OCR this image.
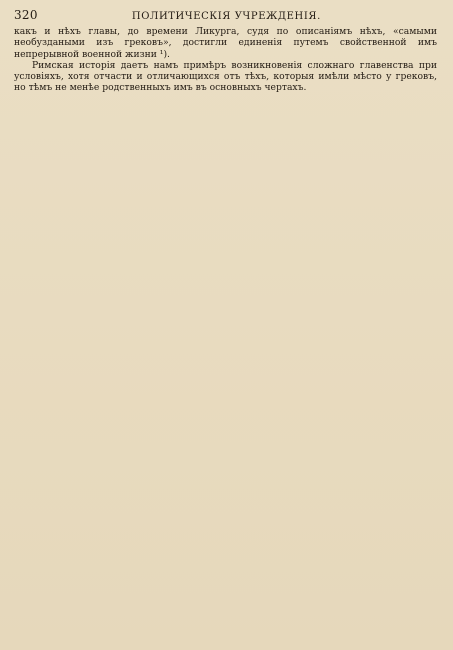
320	ПОЛИТИЧЕСКІЯ УЧРЕЖДЕНІЯ.

какъ и нѣхъ главы, до времени Ликурга, судя по описаніямъ нѣхъ, «самыми необуздаными изъ грековъ», достигли единенія путемъ свойственной имъ непрерывной военной жизни ¹).

Римская исторія даетъ намъ примѣръ возникновенія сложнаго главенства при условіяхъ, хотя отчасти и отличающихся отъ тѣхъ, которыя имѣли мѣсто у грековъ, но тѣмъ не менѣе родственныхъ имъ въ основныхъ чертахъ.
